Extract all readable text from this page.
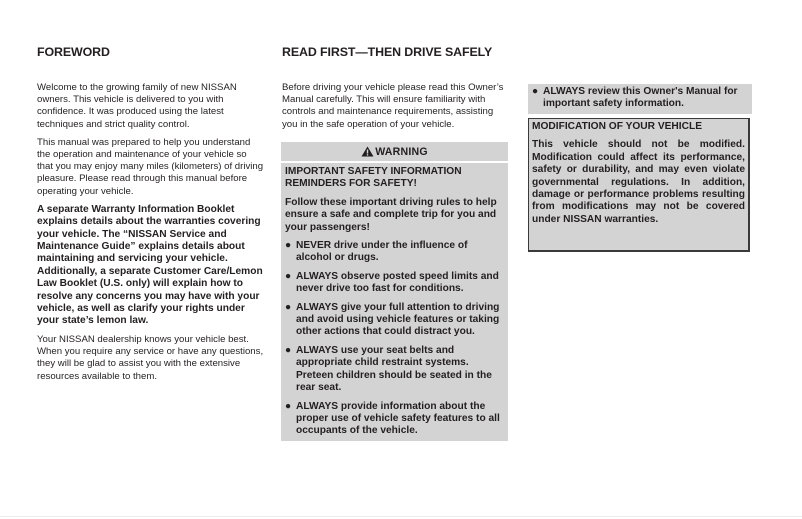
FOREWORD	READ FIRST—THEN DRIVE SAFELY

Welcome to the growing family of new NISSAN owners. This vehicle is delivered to you with confidence. It was produced using the latest techniques and strict quality control.

This manual was prepared to help you understand the operation and maintenance of your vehicle so that you may enjoy many miles (kilometers) of driving pleasure. Please read through this manual before operating your vehicle.

A separate Warranty Information Booklet explains details about the warranties covering your vehicle. The “NISSAN Service and Maintenance Guide” explains details about maintaining and servicing your vehicle. Additionally, a separate Customer Care/Lemon Law Booklet (U.S. only) will explain how to resolve any concerns you may have with your vehicle, as well as clarify your rights under your state’s lemon law.

Your NISSAN dealership knows your vehicle best. When you require any service or have any questions, they will be glad to assist you with the extensive resources available to them.

Before driving your vehicle please read this Owner’s Manual carefully. This will ensure familiarity with controls and maintenance requirements, assisting you in the safe operation of your vehicle.

WARNING

IMPORTANT SAFETY INFORMATION REMINDERS FOR SAFETY!

Follow these important driving rules to help ensure a safe and complete trip for you and your passengers!

● NEVER drive under the influence of alcohol or drugs.
● ALWAYS observe posted speed limits and never drive too fast for conditions.
● ALWAYS give your full attention to driving and avoid using vehicle features or taking other actions that could distract you.
● ALWAYS use your seat belts and appropriate child restraint systems. Preteen children should be seated in the rear seat.
● ALWAYS provide information about the proper use of vehicle safety features to all occupants of the vehicle.
● ALWAYS review this Owner's Manual for important safety information.

MODIFICATION OF YOUR VEHICLE

This vehicle should not be modified. Modification could affect its performance, safety or durability, and may even violate governmental regulations. In addition, damage or performance problems resulting from modifications may not be covered under NISSAN warranties.
